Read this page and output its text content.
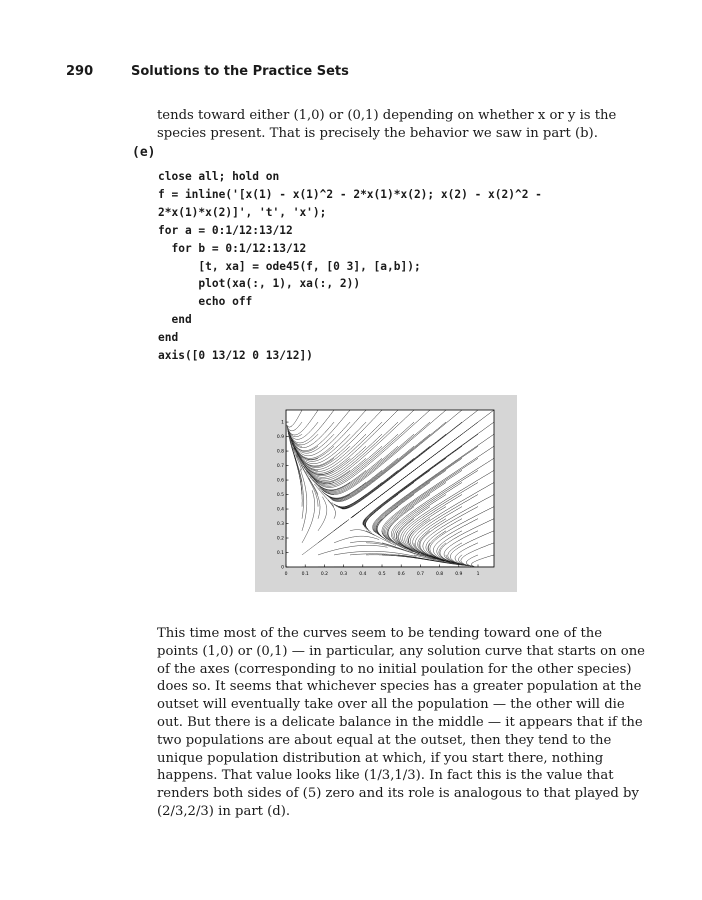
290	Solutions to the Practice Sets

tends toward either (1,0) or (0,1) depending on whether x or y is the species present. That is precisely the behavior we saw in part (b).

(e)
close all; hold on
f = inline('[x(1) - x(1)^2 - 2*x(1)*x(2); x(2) - x(2)^2 -
2*x(1)*x(2)]', 't', 'x');
for a = 0:1/12:13/12
for b = 0:1/12:13/12
[t, xa] = ode45(f, [0 3], [a,b]);
plot(xa(:, 1), xa(:, 2))
echo off
end
end
axis([0 13/12 0 13/12])
0	0.1	0.2	0.3	0.4	0.5	0.6	0.7	0.8	0.9	1
0
0.1
0.2
0.3
0.4
0.5
0.6
0.7
0.8
0.9
1

This time most of the curves seem to be tending toward one of the points (1,0) or (0,1) — in particular, any solution curve that starts on one of the axes (corresponding to no initial poulation for the other species) does so. It seems that whichever species has a greater population at the outset will eventually take over all the population — the other will die out. But there is a delicate balance in the middle — it appears that if the two populations are about equal at the outset, then they tend to the unique population distribution at which, if you start there, nothing happens. That value looks like (1/3,1/3). In fact this is the value that renders both sides of (5) zero and its role is analogous to that played by (2/3,2/3) in part (d).
